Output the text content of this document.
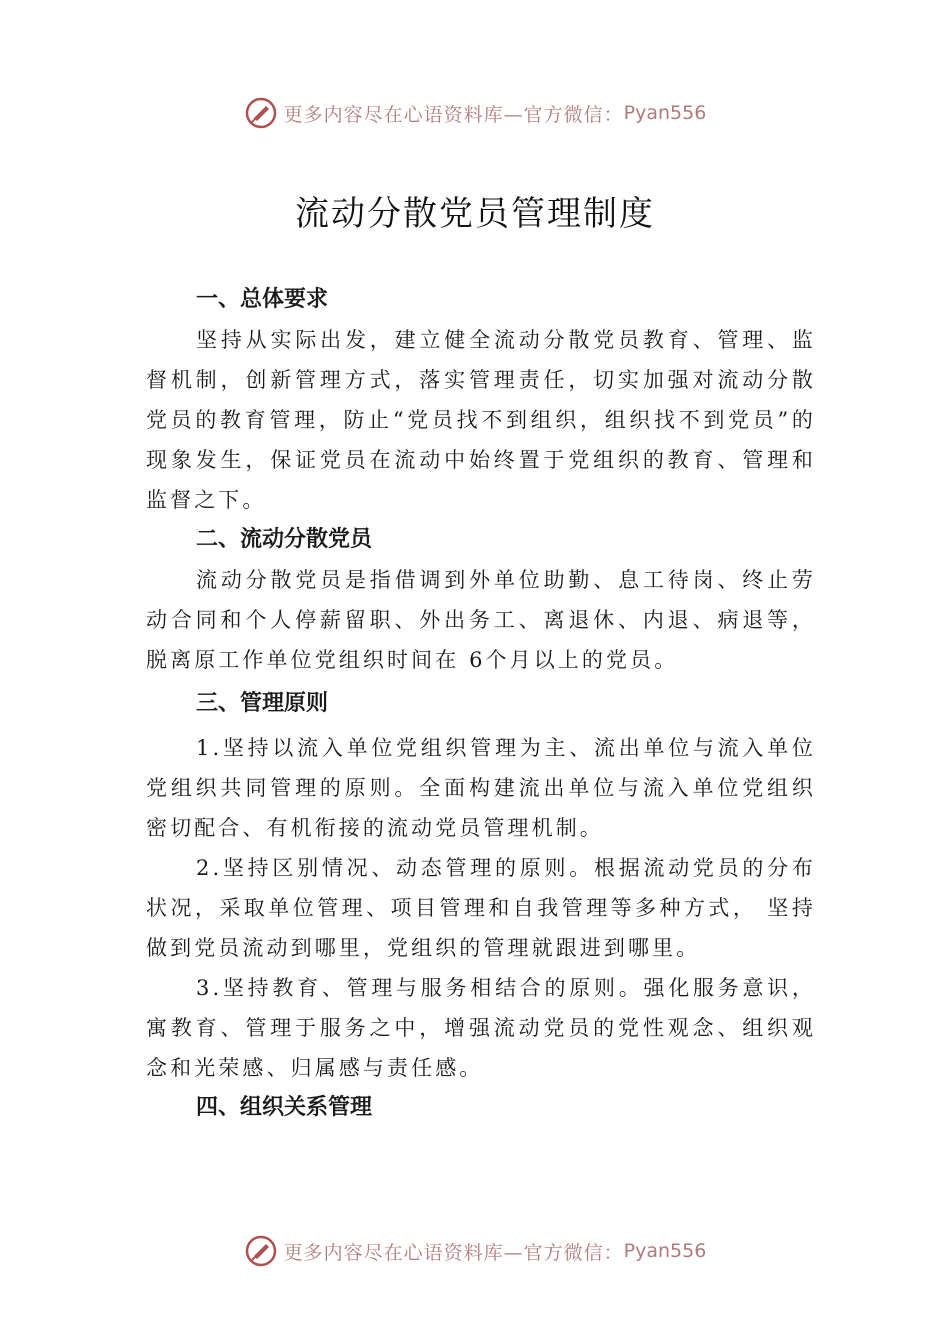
更多内容尽在心语资料库—官方微信： Pyan556
流动分散党员管理制度

一、总体要求

坚持从实际出发，建立健全流动分散党员教育、管理、监督机制，创新管理方式，落实管理责任，切实加强对流动分散党员的教育管理，防止“党员找不到组织，组织找不到党员”的现象发生，保证党员在流动中始终置于党组织的教育、管理和监督之下。

二、流动分散党员

流动分散党员是指借调到外单位助勤、息工待岗、终止劳动合同和个人停薪留职、外出务工、离退休、内退、病退等，脱离原工作单位党组织时间在 6个月以上的党员。

三、管理原则

1.坚持以流入单位党组织管理为主、流出单位与流入单位党组织共同管理的原则。全面构建流出单位与流入单位党组织密切配合、有机衔接的流动党员管理机制。

2.坚持区别情况、动态管理的原则。根据流动党员的分布状况，采取单位管理、项目管理和自我管理等多种方式， 坚持做到党员流动到哪里，党组织的管理就跟进到哪里。

3.坚持教育、管理与服务相结合的原则。强化服务意识，寓教育、管理于服务之中，增强流动党员的党性观念、组织观念和光荣感、归属感与责任感。

四、组织关系管理

更多内容尽在心语资料库—官方微信： Pyan556
